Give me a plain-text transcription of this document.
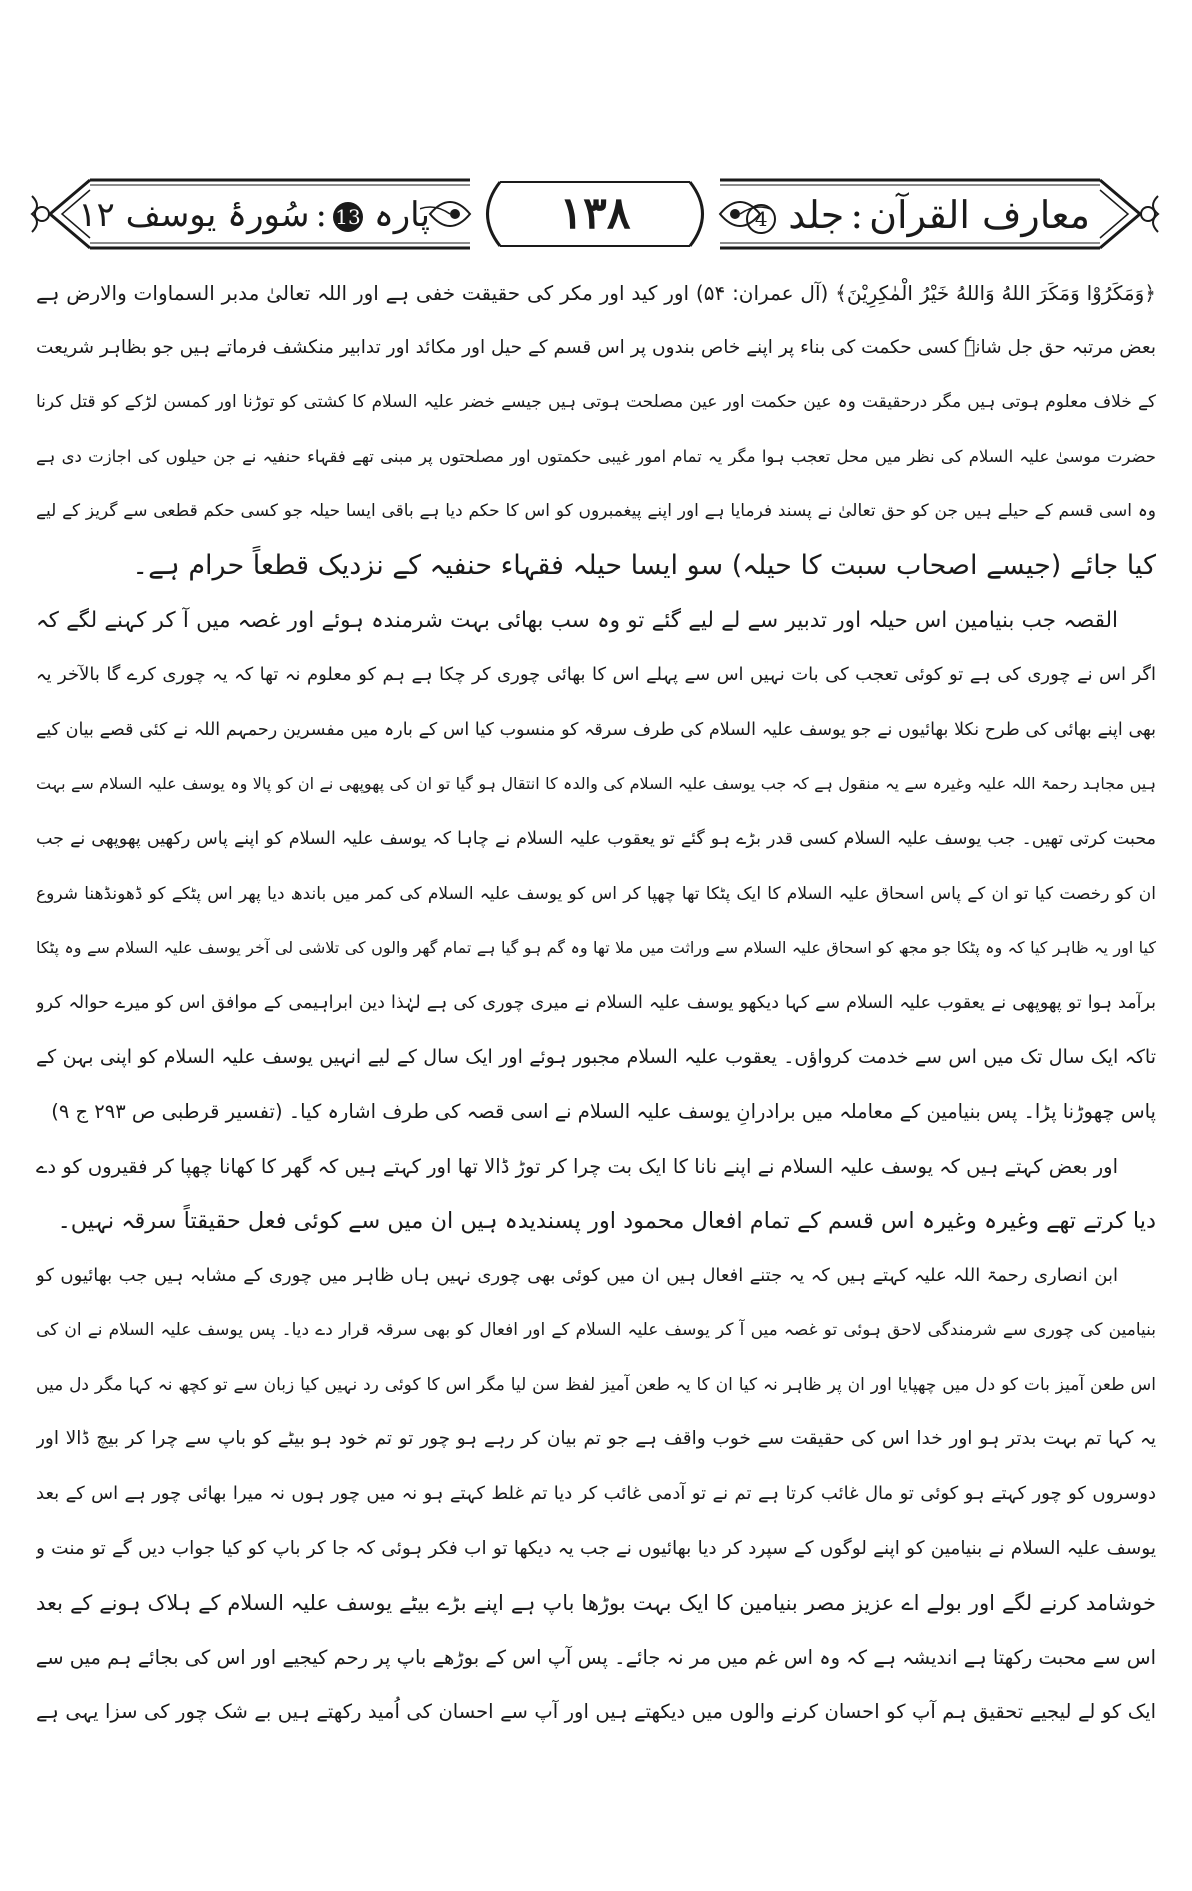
معارف القرآن:جلد 4
۱۳۸
پارہ 13:سُورۂ یوسف ۱۲
﴿وَمَكَرُوْا وَمَكَرَ اللهُ وَاللهُ خَيْرُ الْمٰكِرِيْنَ﴾ (آل عمران: ۵۴) اور کید اور مکر کی حقیقت خفی ہے اور اللہ تعالیٰ مدبر السماوات والارض ہے
بعض مرتبہ حق جل شانہٗ کسی حکمت کی بناء پر اپنے خاص بندوں پر اس قسم کے حیل اور مکائد اور تدابیر منکشف فرماتے ہیں جو بظاہر شریعت
کے خلاف معلوم ہوتی ہیں مگر درحقیقت وہ عین حکمت اور عین مصلحت ہوتی ہیں جیسے خضر علیہ السلام کا کشتی کو توڑنا اور کمسن لڑکے کو قتل کرنا
حضرت موسیٰ علیہ السلام کی نظر میں محل تعجب ہوا مگر یہ تمام امور غیبی حکمتوں اور مصلحتوں پر مبنی تھے فقہاء حنفیہ نے جن حیلوں کی اجازت دی ہے
وہ اسی قسم کے حیلے ہیں جن کو حق تعالیٰ نے پسند فرمایا ہے اور اپنے پیغمبروں کو اس کا حکم دیا ہے باقی ایسا حیلہ جو کسی حکم قطعی سے گریز کے لیے
کیا جائے (جیسے اصحاب سبت کا حیلہ) سو ایسا حیلہ فقہاء حنفیہ کے نزدیک قطعاً حرام ہے۔
القصہ جب بنیامین اس حیلہ اور تدبیر سے لے لیے گئے تو وہ سب بھائی بہت شرمندہ ہوئے اور غصہ میں آ کر کہنے لگے کہ
اگر اس نے چوری کی ہے تو کوئی تعجب کی بات نہیں اس سے پہلے اس کا بھائی چوری کر چکا ہے ہم کو معلوم نہ تھا کہ یہ چوری کرے گا بالآخر یہ
بھی اپنے بھائی کی طرح نکلا بھائیوں نے جو یوسف علیہ السلام کی طرف سرقہ کو منسوب کیا اس کے بارہ میں مفسرین رحمہم اللہ نے کئی قصے بیان کیے
ہیں مجاہد رحمۃ اللہ علیہ وغیرہ سے یہ منقول ہے کہ جب یوسف علیہ السلام کی والدہ کا انتقال ہو گیا تو ان کی پھوپھی نے ان کو پالا وہ یوسف علیہ السلام سے بہت
محبت کرتی تھیں۔ جب یوسف علیہ السلام کسی قدر بڑے ہو گئے تو یعقوب علیہ السلام نے چاہا کہ یوسف علیہ السلام کو اپنے پاس رکھیں پھوپھی نے جب
ان کو رخصت کیا تو ان کے پاس اسحاق علیہ السلام کا ایک پٹکا تھا چھپا کر اس کو یوسف علیہ السلام کی کمر میں باندھ دیا پھر اس پٹکے کو ڈھونڈھنا شروع
کیا اور یہ ظاہر کیا کہ وہ پٹکا جو مجھ کو اسحاق علیہ السلام سے وراثت میں ملا تھا وہ گم ہو گیا ہے تمام گھر والوں کی تلاشی لی آخر یوسف علیہ السلام سے وہ پٹکا
برآمد ہوا تو پھوپھی نے یعقوب علیہ السلام سے کہا دیکھو یوسف علیہ السلام نے میری چوری کی ہے لہٰذا دین ابراہیمی کے موافق اس کو میرے حوالہ کرو
تاکہ ایک سال تک میں اس سے خدمت کرواؤں۔ یعقوب علیہ السلام مجبور ہوئے اور ایک سال کے لیے انہیں یوسف علیہ السلام کو اپنی بہن کے
پاس چھوڑنا پڑا۔ پس بنیامین کے معاملہ میں برادرانِ یوسف علیہ السلام نے اسی قصہ کی طرف اشارہ کیا۔ (تفسیر قرطبی ص ۲۹۳ ج ۹)
اور بعض کہتے ہیں کہ یوسف علیہ السلام نے اپنے نانا کا ایک بت چرا کر توڑ ڈالا تھا اور کہتے ہیں کہ گھر کا کھانا چھپا کر فقیروں کو دے
دیا کرتے تھے وغیرہ وغیرہ اس قسم کے تمام افعال محمود اور پسندیدہ ہیں ان میں سے کوئی فعل حقیقتاً سرقہ نہیں۔
ابن انصاری رحمۃ اللہ علیہ کہتے ہیں کہ یہ جتنے افعال ہیں ان میں کوئی بھی چوری نہیں ہاں ظاہر میں چوری کے مشابہ ہیں جب بھائیوں کو
بنیامین کی چوری سے شرمندگی لاحق ہوئی تو غصہ میں آ کر یوسف علیہ السلام کے اور افعال کو بھی سرقہ قرار دے دیا۔ پس یوسف علیہ السلام نے ان کی
اس طعن آمیز بات کو دل میں چھپایا اور ان پر ظاہر نہ کیا ان کا یہ طعن آمیز لفظ سن لیا مگر اس کا کوئی رد نہیں کیا زبان سے تو کچھ نہ کہا مگر دل میں
یہ کہا تم بہت بدتر ہو اور خدا اس کی حقیقت سے خوب واقف ہے جو تم بیان کر رہے ہو چور تو تم خود ہو بیٹے کو باپ سے چرا کر بیچ ڈالا اور
دوسروں کو چور کہتے ہو کوئی تو مال غائب کرتا ہے تم نے تو آدمی غائب کر دیا تم غلط کہتے ہو نہ میں چور ہوں نہ میرا بھائی چور ہے اس کے بعد
یوسف علیہ السلام نے بنیامین کو اپنے لوگوں کے سپرد کر دیا بھائیوں نے جب یہ دیکھا تو اب فکر ہوئی کہ جا کر باپ کو کیا جواب دیں گے تو منت و
خوشامد کرنے لگے اور بولے اے عزیز مصر بنیامین کا ایک بہت بوڑھا باپ ہے اپنے بڑے بیٹے یوسف علیہ السلام کے ہلاک ہونے کے بعد
اس سے محبت رکھتا ہے اندیشہ ہے کہ وہ اس غم میں مر نہ جائے۔ پس آپ اس کے بوڑھے باپ پر رحم کیجیے اور اس کی بجائے ہم میں سے
ایک کو لے لیجیے تحقیق ہم آپ کو احسان کرنے والوں میں دیکھتے ہیں اور آپ سے احسان کی اُمید رکھتے ہیں بے شک چور کی سزا یہی ہے
